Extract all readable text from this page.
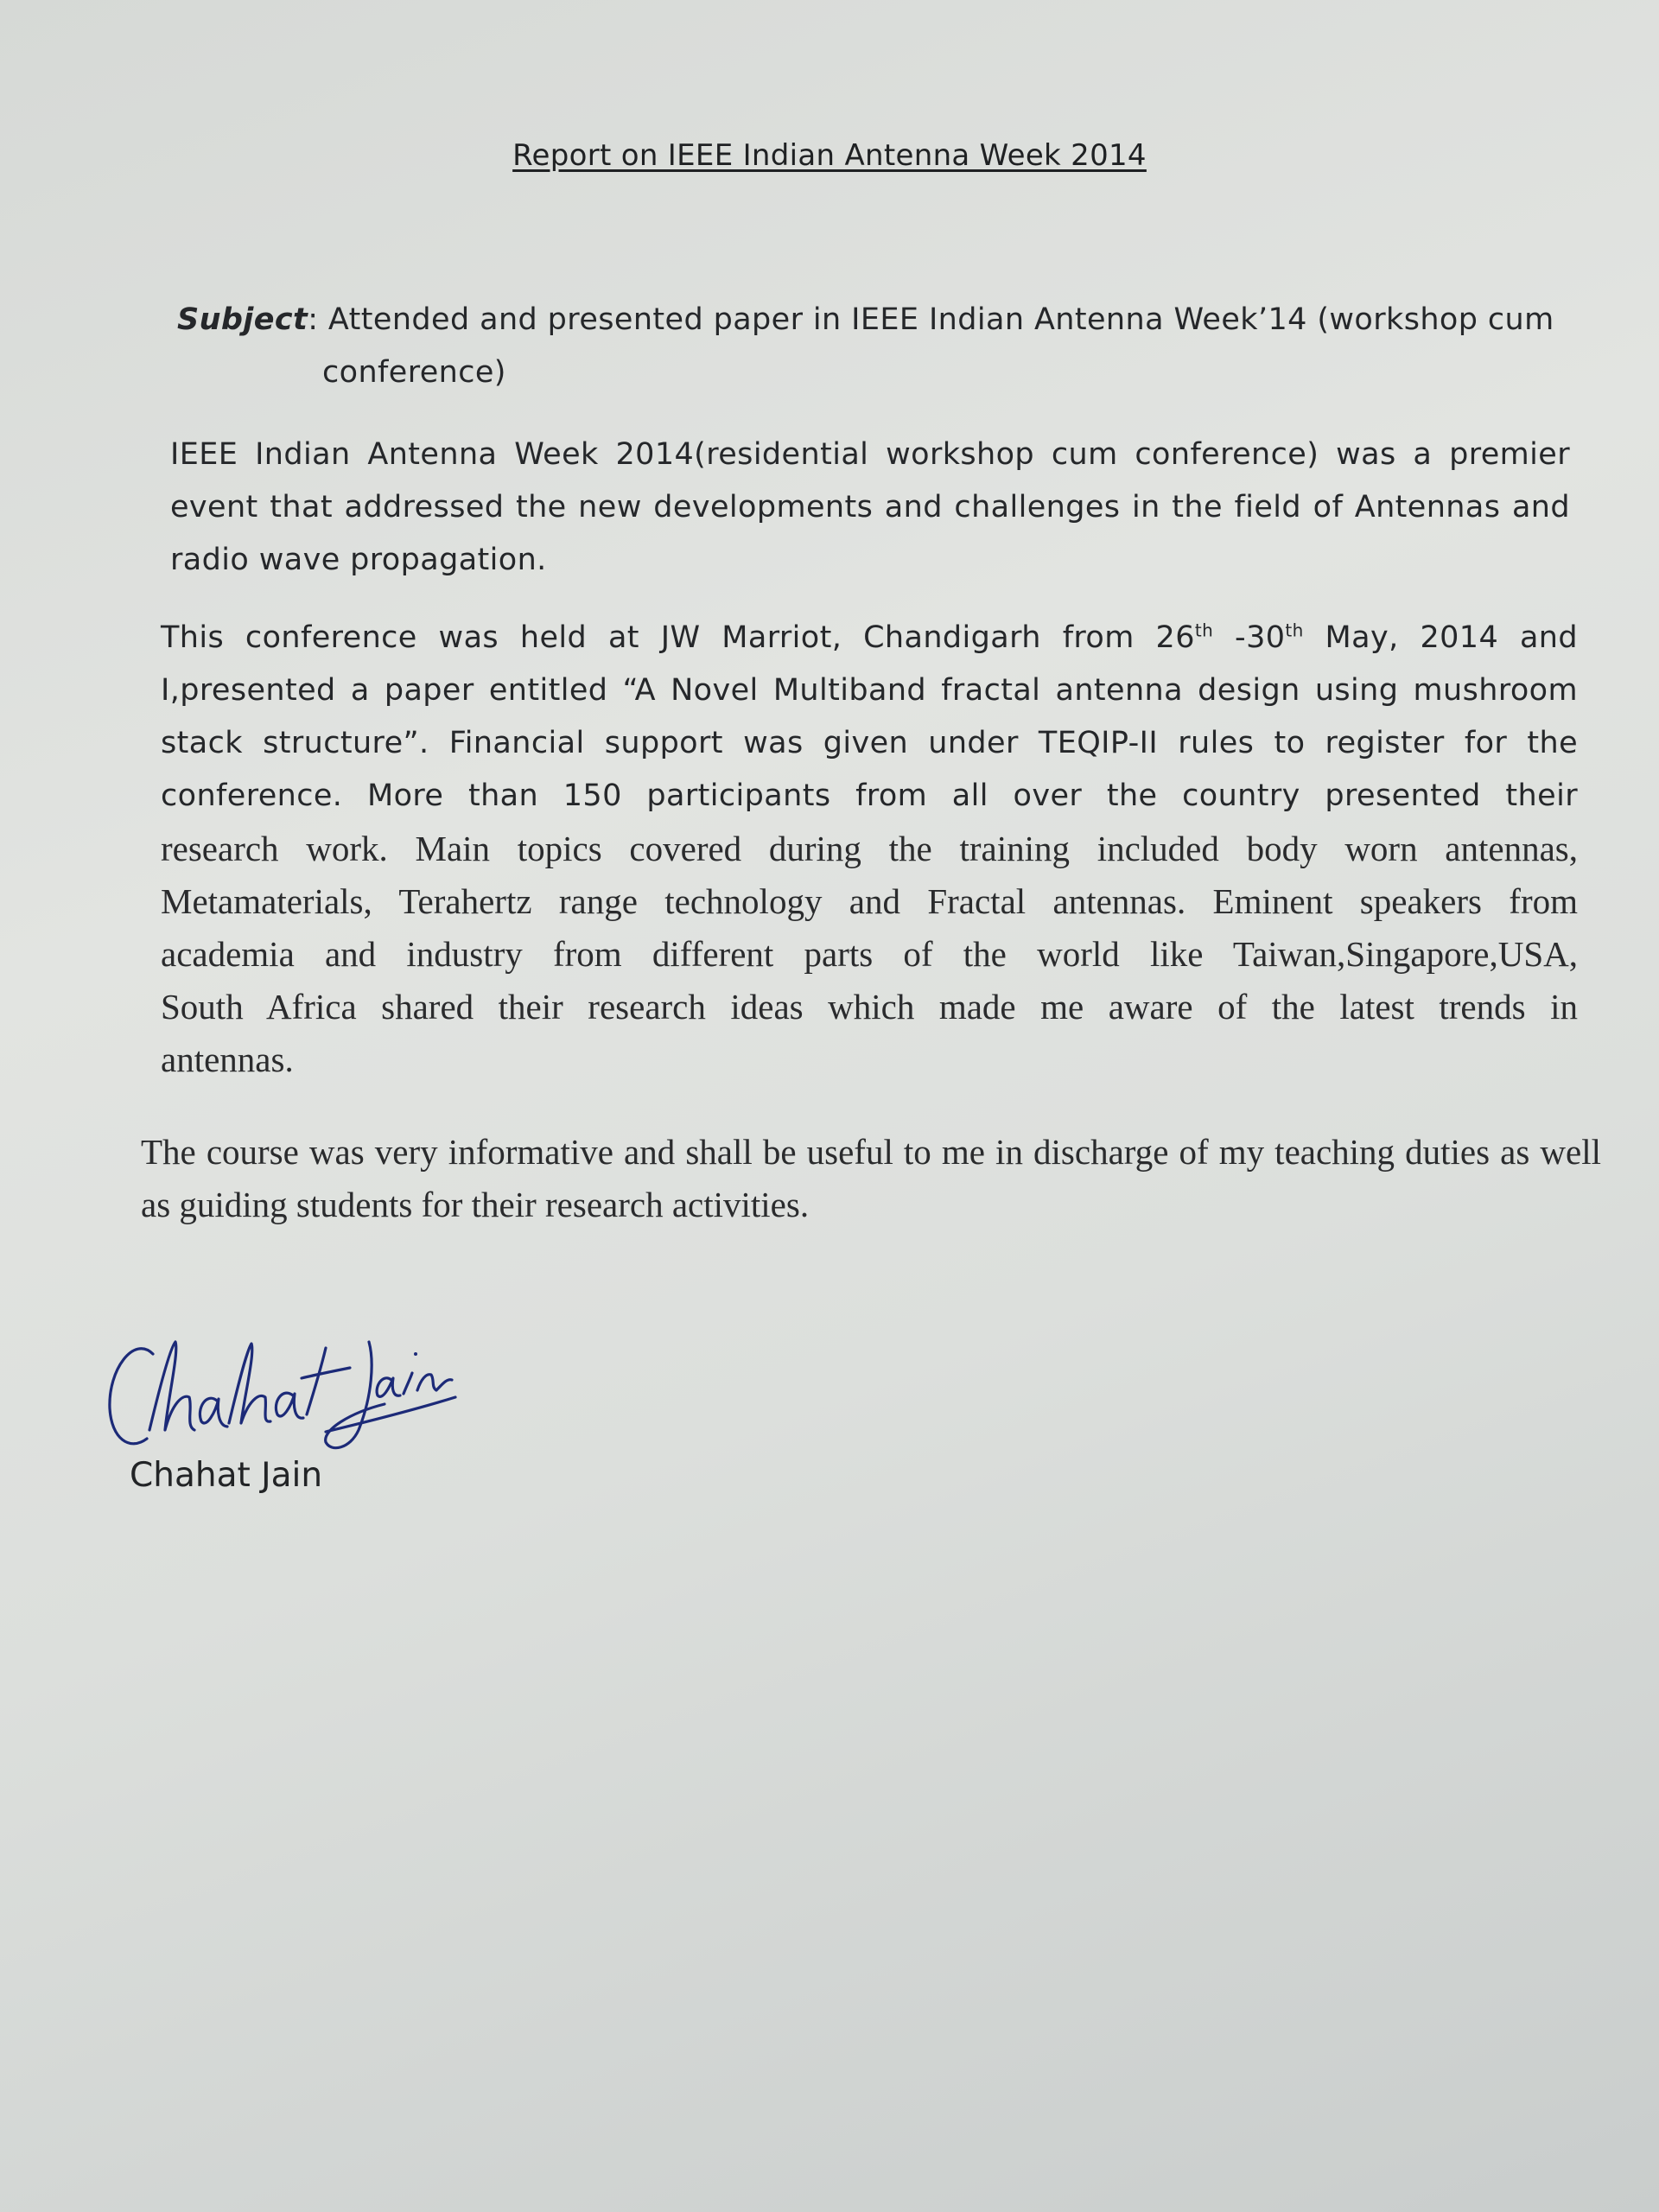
Report on IEEE Indian Antenna Week 2014
Subject: Attended and presented paper in IEEE Indian Antenna Week’14 (workshop cum
conference)
IEEE Indian Antenna Week 2014(residential workshop cum conference) was a premier event that addressed the new developments and challenges in the field of Antennas and radio wave propagation.
This conference was held at JW Marriot, Chandigarh from 26th -30th May, 2014 and
I,presented a paper entitled “A Novel Multiband fractal antenna design using mushroom
stack structure”. Financial support was given under TEQIP-II rules to register for the
conference. More than 150 participants from all over the country presented their
research work. Main topics covered during the training included body worn antennas,
Metamaterials, Terahertz range technology and Fractal antennas. Eminent speakers from
academia and industry from different parts of the world like Taiwan,Singapore,USA,
South Africa shared their research ideas which made me aware of the latest trends in
antennas.
The course was very informative and shall be useful to me in discharge of my teaching duties as well as guiding students for their research activities.
Chahat Jain
